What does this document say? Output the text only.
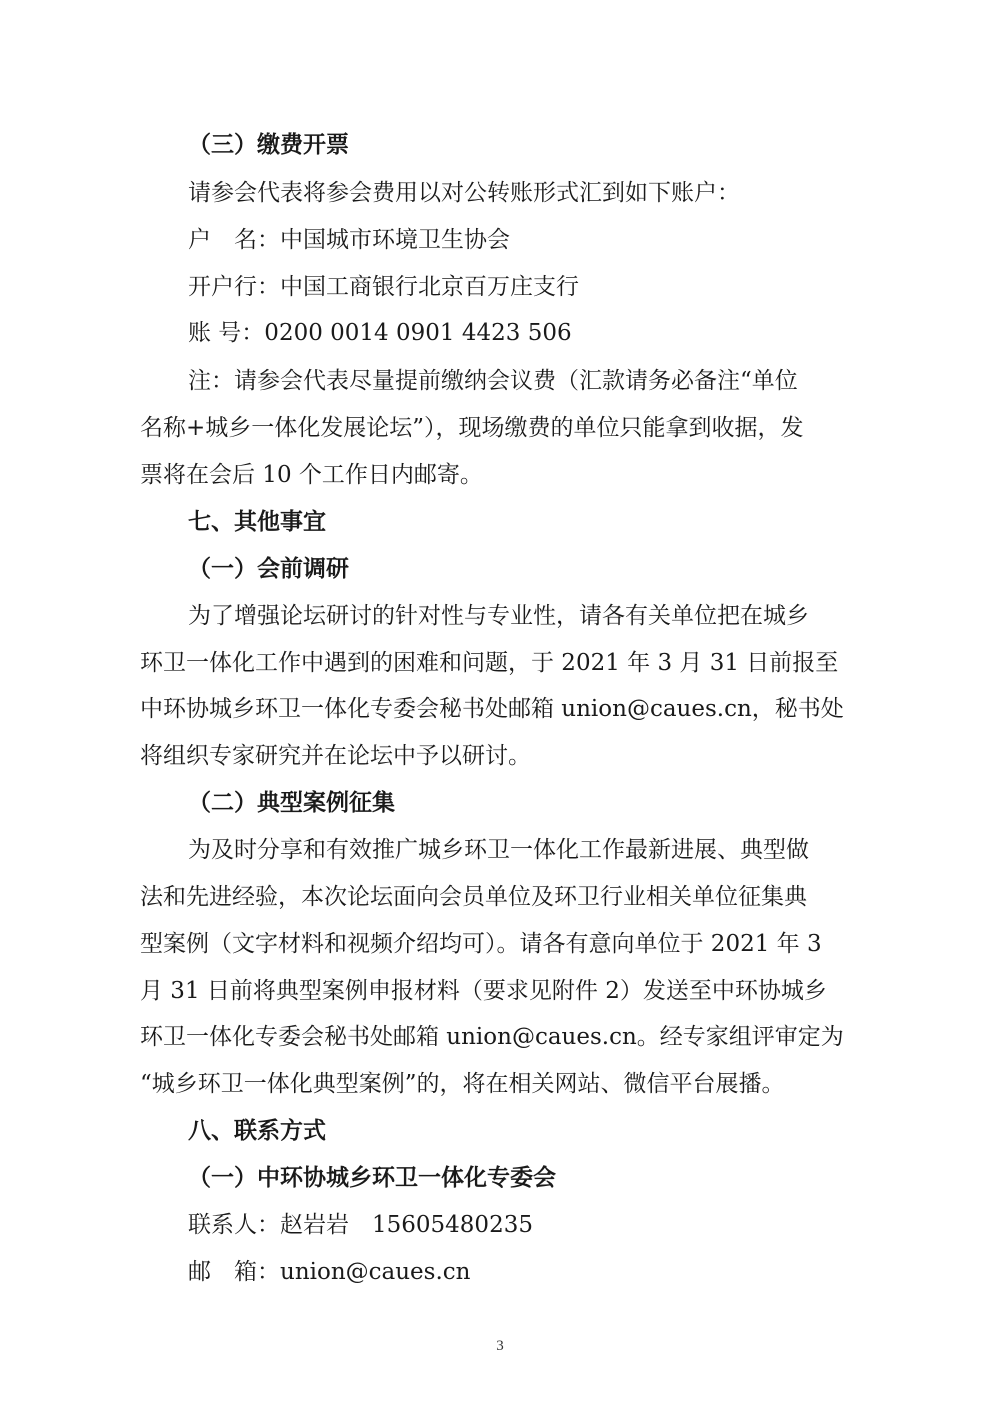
（三）缴费开票
请参会代表将参会费用以对公转账形式汇到如下账户：
户　名：中国城市环境卫生协会
开户行：中国工商银行北京百万庄支行
账 号：0200 0014 0901 4423 506
注：请参会代表尽量提前缴纳会议费（汇款请务必备注“单位
名称+城乡一体化发展论坛”），现场缴费的单位只能拿到收据，发
票将在会后 10 个工作日内邮寄。
七、其他事宜
（一）会前调研
为了增强论坛研讨的针对性与专业性，请各有关单位把在城乡
环卫一体化工作中遇到的困难和问题，于 2021 年 3 月 31 日前报至
中环协城乡环卫一体化专委会秘书处邮箱 union@caues.cn，秘书处
将组织专家研究并在论坛中予以研讨。
（二）典型案例征集
为及时分享和有效推广城乡环卫一体化工作最新进展、典型做
法和先进经验，本次论坛面向会员单位及环卫行业相关单位征集典
型案例（文字材料和视频介绍均可）。请各有意向单位于 2021 年 3
月 31 日前将典型案例申报材料（要求见附件 2）发送至中环协城乡
环卫一体化专委会秘书处邮箱 union@caues.cn。经专家组评审定为
“城乡环卫一体化典型案例”的，将在相关网站、微信平台展播。
八、联系方式
（一）中环协城乡环卫一体化专委会
联系人：赵岩岩　15605480235
邮　箱：union@caues.cn
3
